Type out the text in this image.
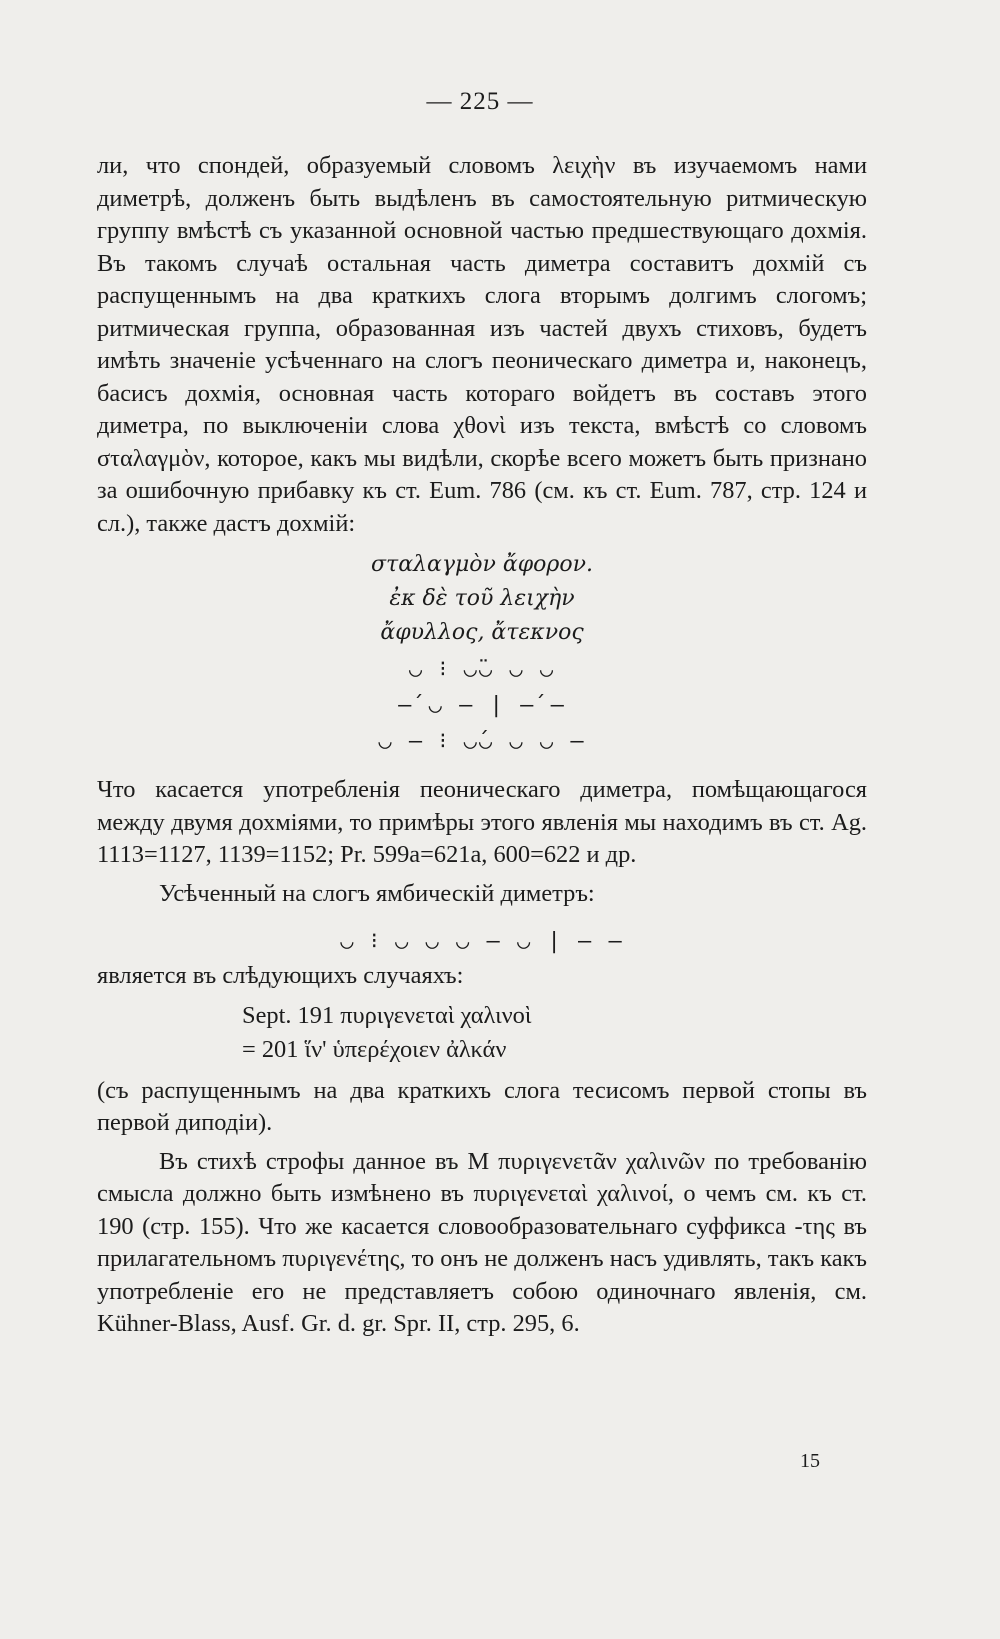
— 225 —

ли, что спондей, образуемый словомъ λειχὴν въ изучаемомъ нами диметрѣ, долженъ быть выдѣленъ въ самостоятельную ритмическую группу вмѣстѣ съ указанной основной частью предшествующаго дохмія. Въ такомъ случаѣ остальная часть диметра составитъ дохмій съ распущеннымъ на два краткихъ слога вторымъ долгимъ слогомъ; ритмическая группа, образованная изъ частей двухъ стиховъ, будетъ имѣть значеніе усѣченнаго на слогъ пеоническаго диметра и, наконецъ, басисъ дохмія, основная часть котораго войдетъ въ составъ этого диметра, по выключеніи слова χθονὶ изъ текста, вмѣстѣ со словомъ σταλαγμὸν, которое, какъ мы видѣли, скорѣе всего можетъ быть признано за ошибочную прибавку къ ст. Eum. 786 (см. къ ст. Eum. 787, стр. 124 и сл.), также дастъ дохмій:

σταλαγμὸν ἄφορον.
ἐκ δὲ τοῦ λειχὴν
ἄφυλλος, ἄτεκνος
◡ ⁝ ◡̈◡ ◡ ◡
–́ ◡ – | –́ –
◡ – ⁝ ◡́◡ ◡ ◡ –

Что касается употребленія пеоническаго диметра, помѣщающагося между двумя дохміями, то примѣры этого явленія мы находимъ въ ст. Ag. 1113=1127, 1139=1152; Pr. 599a=621a, 600=622 и др.

Усѣченный на слогъ ямбическій диметръ:

◡ ⁝ ◡ ◡ ◡ – ◡ | – –

является въ слѣдующихъ случаяхъ:

Sept. 191 πυριγενεταὶ χαλινοὶ
= 201 ἵν' ὑπερέχοιεν ἀλκάν

(съ распущеннымъ на два краткихъ слога тесисомъ первой стопы въ первой диподіи).

Въ стихѣ строфы данное въ M πυριγενετᾶν χαλινῶν по требованію смысла должно быть измѣнено въ πυριγενεταὶ χαλινοί, о чемъ см. къ ст. 190 (стр. 155). Что же касается словообразовательнаго суффикса -της въ прилагательномъ πυριγενέτης, то онъ не долженъ насъ удивлять, такъ какъ употребленіе его не представляетъ собою одиночнаго явленія, см. Kühner-Blass, Ausf. Gr. d. gr. Spr. II, стр. 295, 6.

15
